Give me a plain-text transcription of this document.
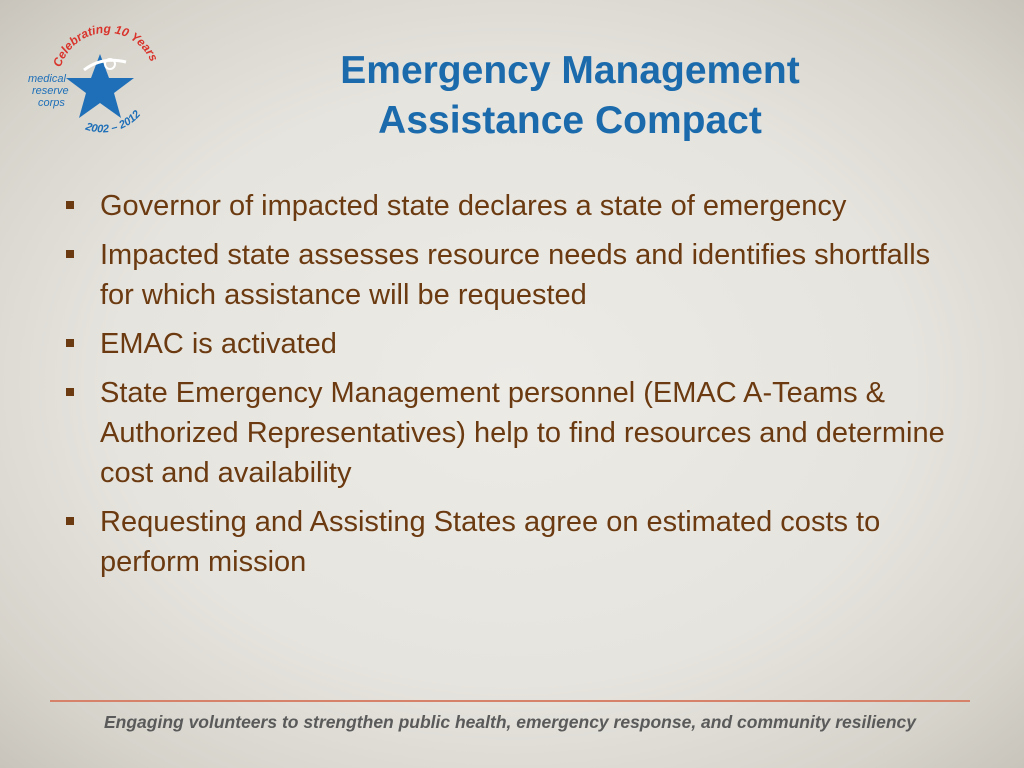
Celebrating 10 Years
medical
reserve
corps
2002 – 2012
Emergency Management
Assistance Compact
Governor of impacted state declares a state of emergency
Impacted state assesses resource needs and identifies shortfalls for which assistance will be requested
EMAC is activated
State Emergency Management personnel (EMAC A-Teams & Authorized Representatives) help to find resources and determine cost and availability
Requesting and Assisting States agree on estimated costs to perform mission
Engaging volunteers to strengthen public health, emergency response, and community resiliency
